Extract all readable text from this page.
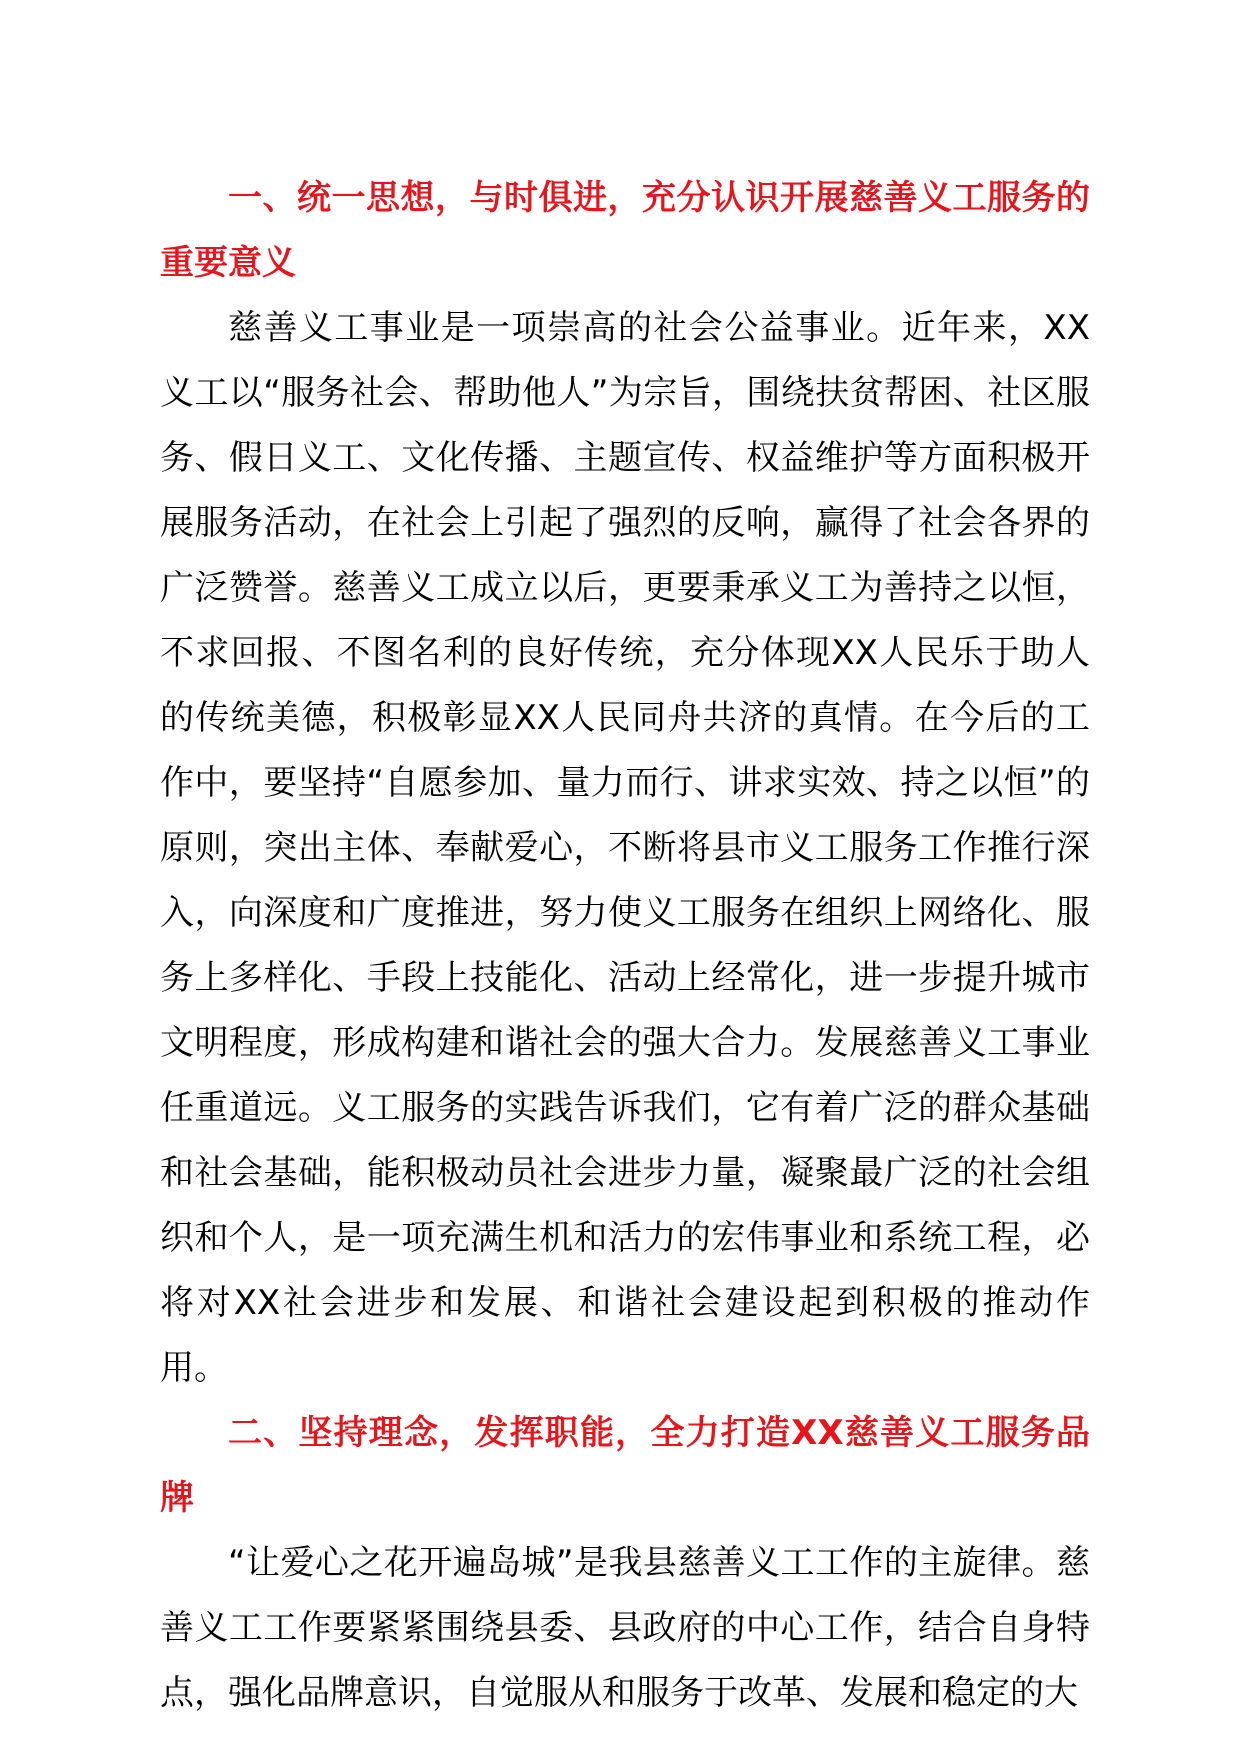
一、统一思想，与时俱进，充分认识开展慈善义工服务的重要意义

慈善义工事业是一项崇高的社会公益事业。近年来，XX义工以“服务社会、帮助他人”为宗旨，围绕扶贫帮困、社区服务、假日义工、文化传播、主题宣传、权益维护等方面积极开展服务活动，在社会上引起了强烈的反响，赢得了社会各界的广泛赞誉。慈善义工成立以后，更要秉承义工为善持之以恒，不求回报、不图名利的良好传统，充分体现XX人民乐于助人的传统美德，积极彰显XX人民同舟共济的真情。在今后的工作中，要坚持“自愿参加、量力而行、讲求实效、持之以恒”的原则，突出主体、奉献爱心，不断将县市义工服务工作推行深入，向深度和广度推进，努力使义工服务在组织上网络化、服务上多样化、手段上技能化、活动上经常化，进一步提升城市文明程度，形成构建和谐社会的强大合力。发展慈善义工事业任重道远。义工服务的实践告诉我们，它有着广泛的群众基础和社会基础，能积极动员社会进步力量，凝聚最广泛的社会组织和个人，是一项充满生机和活力的宏伟事业和系统工程，必将对XX社会进步和发展、和谐社会建设起到积极的推动作用。

二、坚持理念，发挥职能，全力打造XX慈善义工服务品牌

“让爱心之花开遍岛城”是我县慈善义工工作的主旋律。慈善义工工作要紧紧围绕县委、县政府的中心工作，结合自身特点，强化品牌意识，自觉服从和服务于改革、发展和稳定的大
